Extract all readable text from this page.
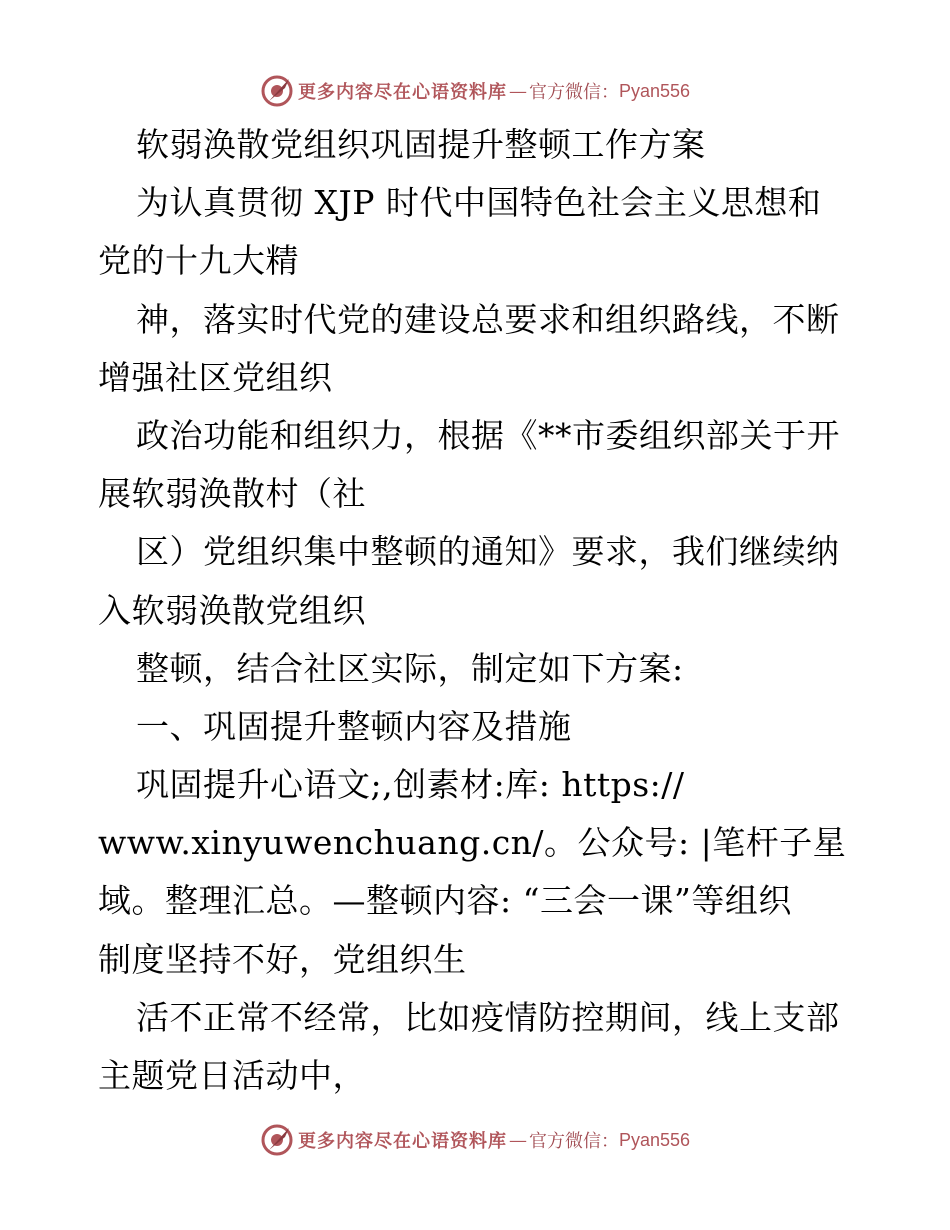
更多内容尽在心语资料库 — 官方微信： Pyan556
软弱涣散党组织巩固提升整顿工作方案
为认真贯彻 XJP 时代中国特色社会主义思想和
党的十九大精
神，落实时代党的建设总要求和组织路线，不断
增强社区党组织
政治功能和组织力，根据《**市委组织部关于开
展软弱涣散村（社
区）党组织集中整顿的通知》要求，我们继续纳
入软弱涣散党组织
整顿，结合社区实际，制定如下方案:
一、巩固提升整顿内容及措施
巩固提升心语文;,创素材:库: https://
www.xinyuwenchuang.cn/。公众号: |笔杆子星
域。整理汇总。—整顿内容: “三会一课”等组织
制度坚持不好，党组织生
活不正常不经常，比如疫情防控期间，线上支部
主题党日活动中，
更多内容尽在心语资料库 — 官方微信： Pyan556
